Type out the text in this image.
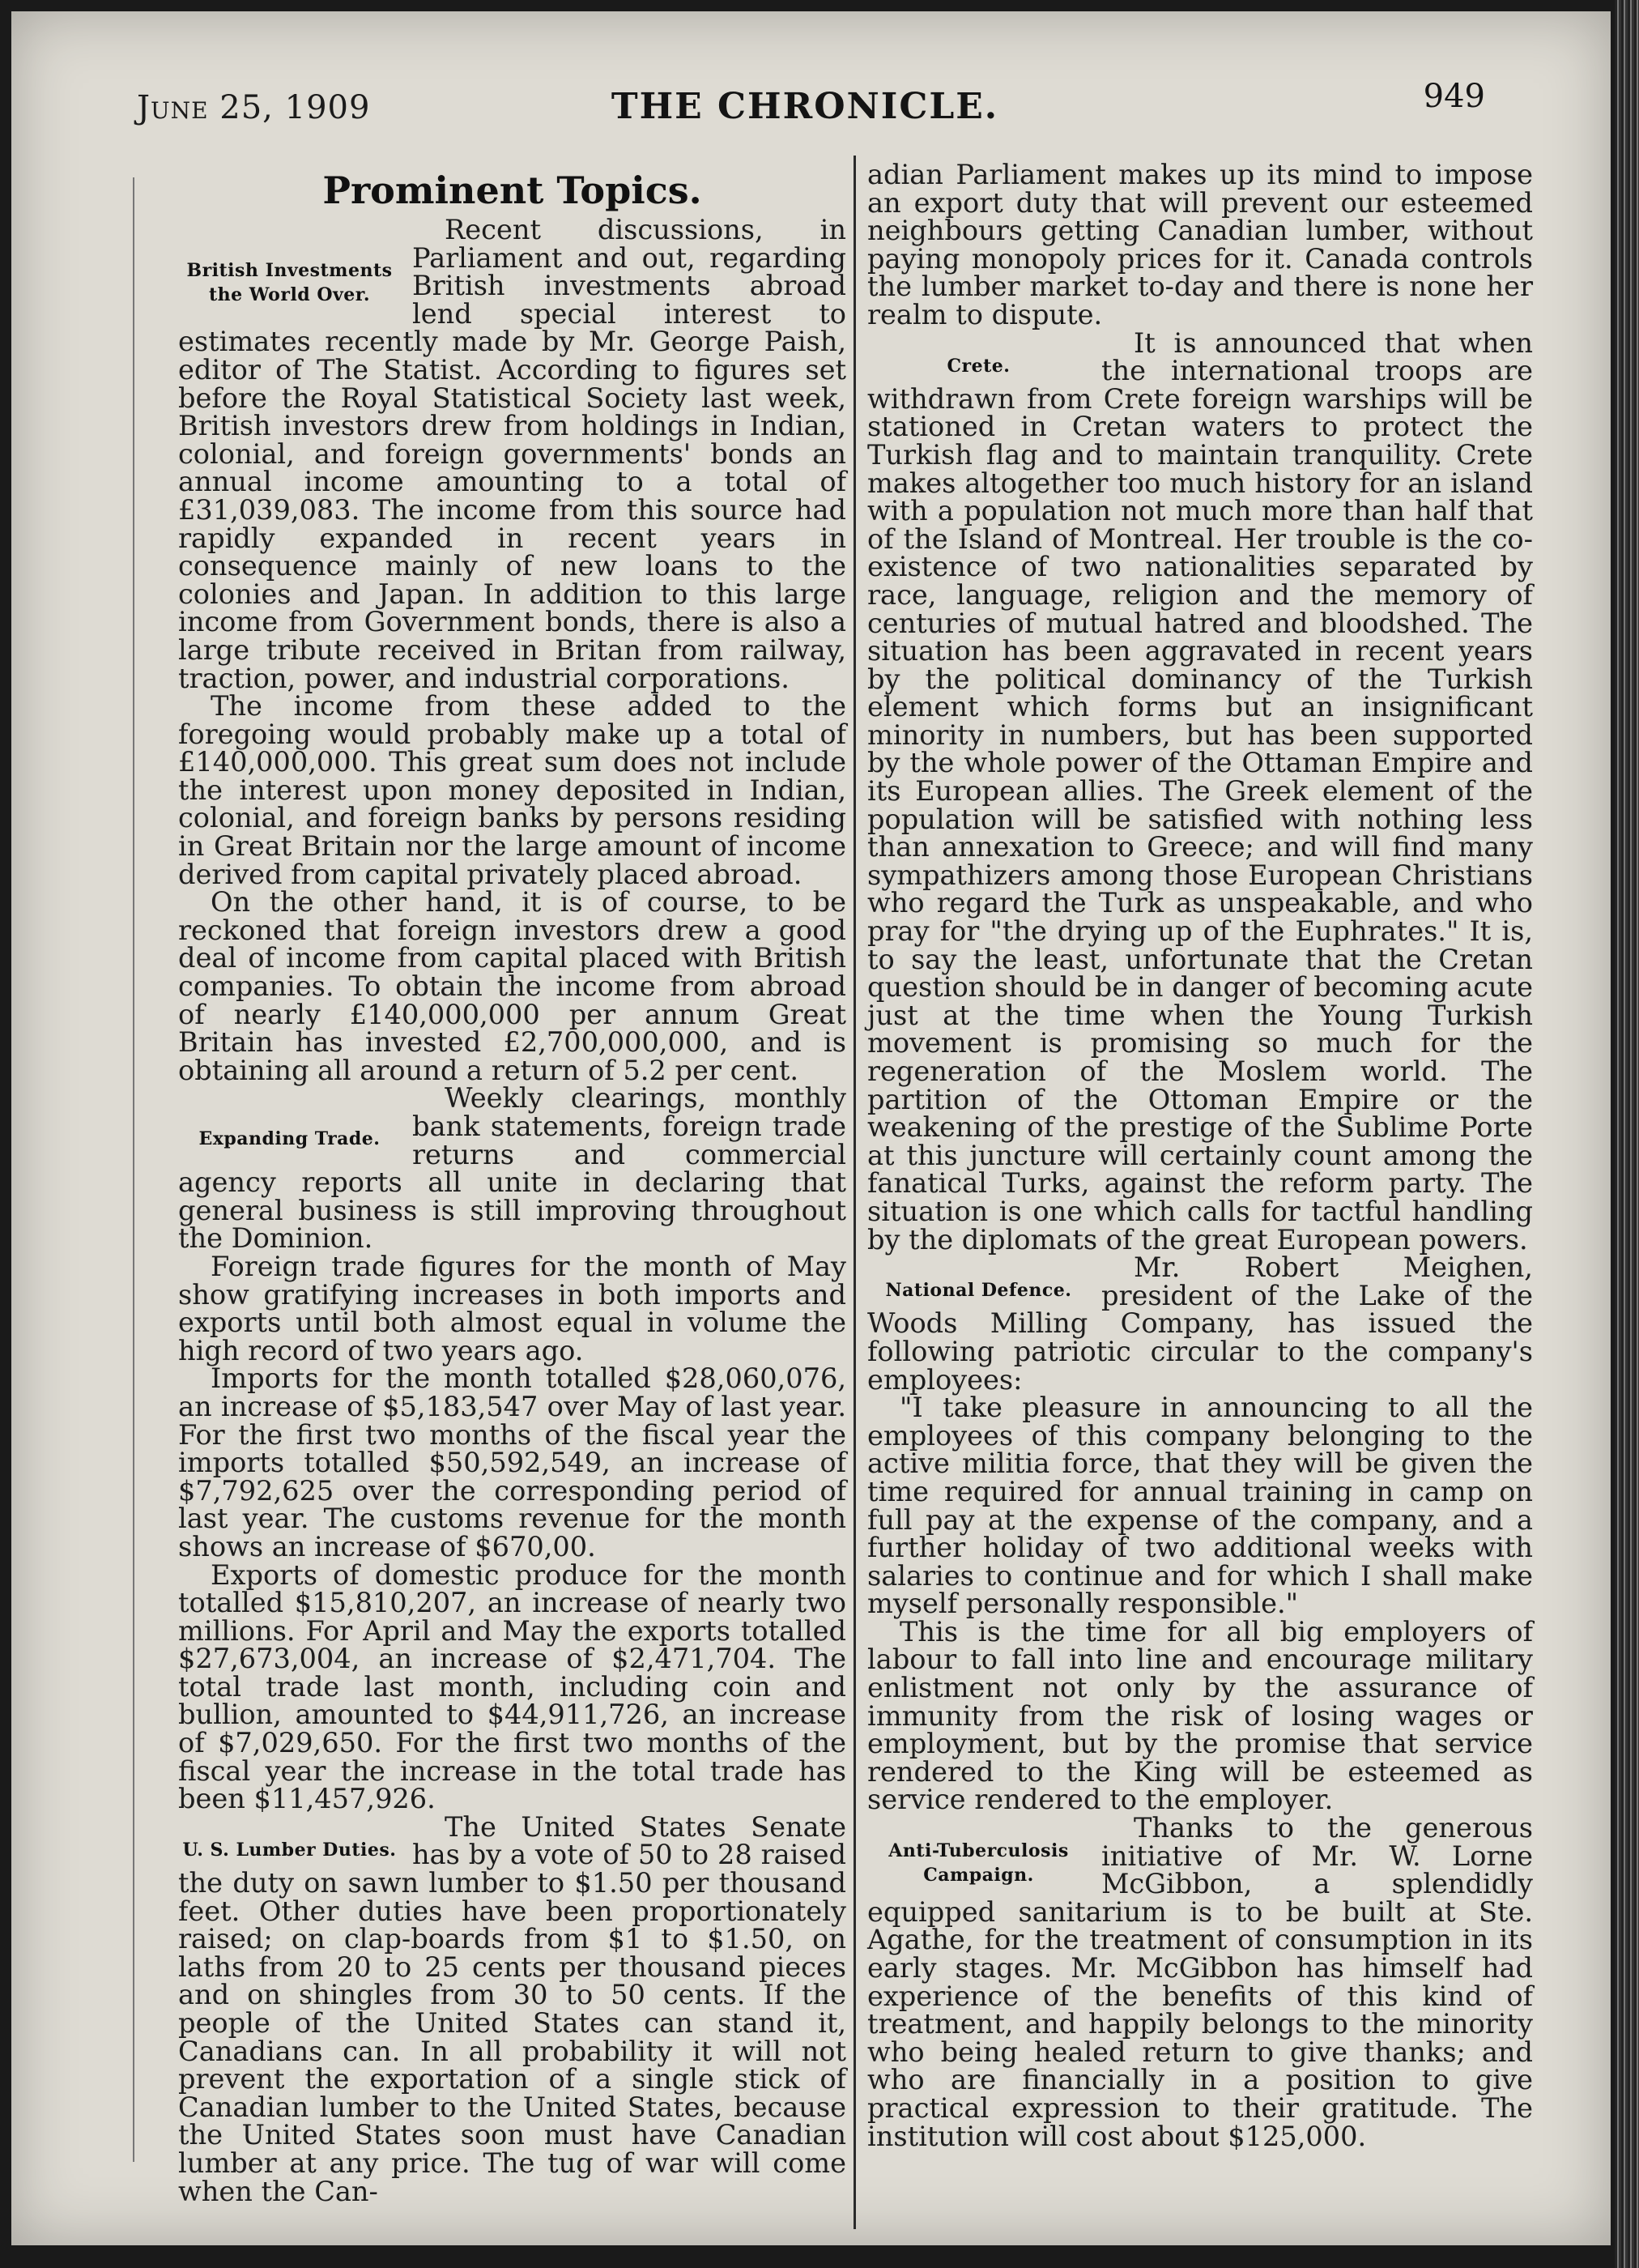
June 25, 1909	THE CHRONICLE.	949
Prominent Topics.
British Investments the World Over.

Recent discussions, in Parliament and out, regarding British investments abroad lend special interest to estimates recently made by Mr. George Paish, editor of The Statist. According to figures set before the Royal Statistical Society last week, British investors drew from holdings in Indian, colonial, and foreign governments' bonds an annual income amounting to a total of £31,039,083. The income from this source had rapidly expanded in recent years in consequence mainly of new loans to the colonies and Japan. In addition to this large income from Government bonds, there is also a large tribute received in Britan from railway, traction, power, and industrial corporations.

The income from these added to the foregoing would probably make up a total of £140,000,000. This great sum does not include the interest upon money deposited in Indian, colonial, and foreign banks by persons residing in Great Britain nor the large amount of income derived from capital privately placed abroad.

On the other hand, it is of course, to be reckoned that foreign investors drew a good deal of income from capital placed with British companies. To obtain the income from abroad of nearly £140,000,000 per annum Great Britain has invested £2,700,000,000, and is obtaining all around a return of 5.2 per cent.

Expanding Trade.

Weekly clearings, monthly bank statements, foreign trade returns and commercial agency reports all unite in declaring that general business is still improving throughout the Dominion.

Foreign trade figures for the month of May show gratifying increases in both imports and exports until both almost equal in volume the high record of two years ago.

Imports for the month totalled $28,060,076, an increase of $5,183,547 over May of last year. For the first two months of the fiscal year the imports totalled $50,592,549, an increase of $7,792,625 over the corresponding period of last year. The customs revenue for the month shows an increase of $670,00.

Exports of domestic produce for the month totalled $15,810,207, an increase of nearly two millions. For April and May the exports totalled $27,673,004, an increase of $2,471,704. The total trade last month, including coin and bullion, amounted to $44,911,726, an increase of $7,029,650. For the first two months of the fiscal year the increase in the total trade has been $11,457,926.

U. S. Lumber Duties.

The United States Senate has by a vote of 50 to 28 raised the duty on sawn lumber to $1.50 per thousand feet. Other duties have been proportionately raised; on clap-boards from $1 to $1.50, on laths from 20 to 25 cents per thousand pieces and on shingles from 30 to 50 cents. If the people of the United States can stand it, Canadians can. In all probability it will not prevent the exportation of a single stick of Canadian lumber to the United States, because the United States soon must have Canadian lumber at any price. The tug of war will come when the Can-

adian Parliament makes up its mind to impose an export duty that will prevent our esteemed neighbours getting Canadian lumber, without paying monopoly prices for it. Canada controls the lumber market to-day and there is none her realm to dispute.

Crete.

It is announced that when the international troops are withdrawn from Crete foreign warships will be stationed in Cretan waters to protect the Turkish flag and to maintain tranquility. Crete makes altogether too much history for an island with a population not much more than half that of the Island of Montreal. Her trouble is the co-existence of two nationalities separated by race, language, religion and the memory of centuries of mutual hatred and bloodshed. The situation has been aggravated in recent years by the political dominancy of the Turkish element which forms but an insignificant minority in numbers, but has been supported by the whole power of the Ottaman Empire and its European allies. The Greek element of the population will be satisfied with nothing less than annexation to Greece; and will find many sympathizers among those European Christians who regard the Turk as unspeakable, and who pray for "the drying up of the Euphrates." It is, to say the least, unfortunate that the Cretan question should be in danger of becoming acute just at the time when the Young Turkish movement is promising so much for the regeneration of the Moslem world. The partition of the Ottoman Empire or the weakening of the prestige of the Sublime Porte at this juncture will certainly count among the fanatical Turks, against the reform party. The situation is one which calls for tactful handling by the diplomats of the great European powers.

National Defence.

Mr. Robert Meighen, president of the Lake of the Woods Milling Company, has issued the following patriotic circular to the company's employees:

"I take pleasure in announcing to all the employees of this company belonging to the active militia force, that they will be given the time required for annual training in camp on full pay at the expense of the company, and a further holiday of two additional weeks with salaries to continue and for which I shall make myself personally responsible."

This is the time for all big employers of labour to fall into line and encourage military enlistment not only by the assurance of immunity from the risk of losing wages or employment, but by the promise that service rendered to the King will be esteemed as service rendered to the employer.

Anti-Tuberculosis Campaign.

Thanks to the generous initiative of Mr. W. Lorne McGibbon, a splendidly equipped sanitarium is to be built at Ste. Agathe, for the treatment of consumption in its early stages. Mr. McGibbon has himself had experience of the benefits of this kind of treatment, and happily belongs to the minority who being healed return to give thanks; and who are financially in a position to give practical expression to their gratitude. The institution will cost about $125,000.
